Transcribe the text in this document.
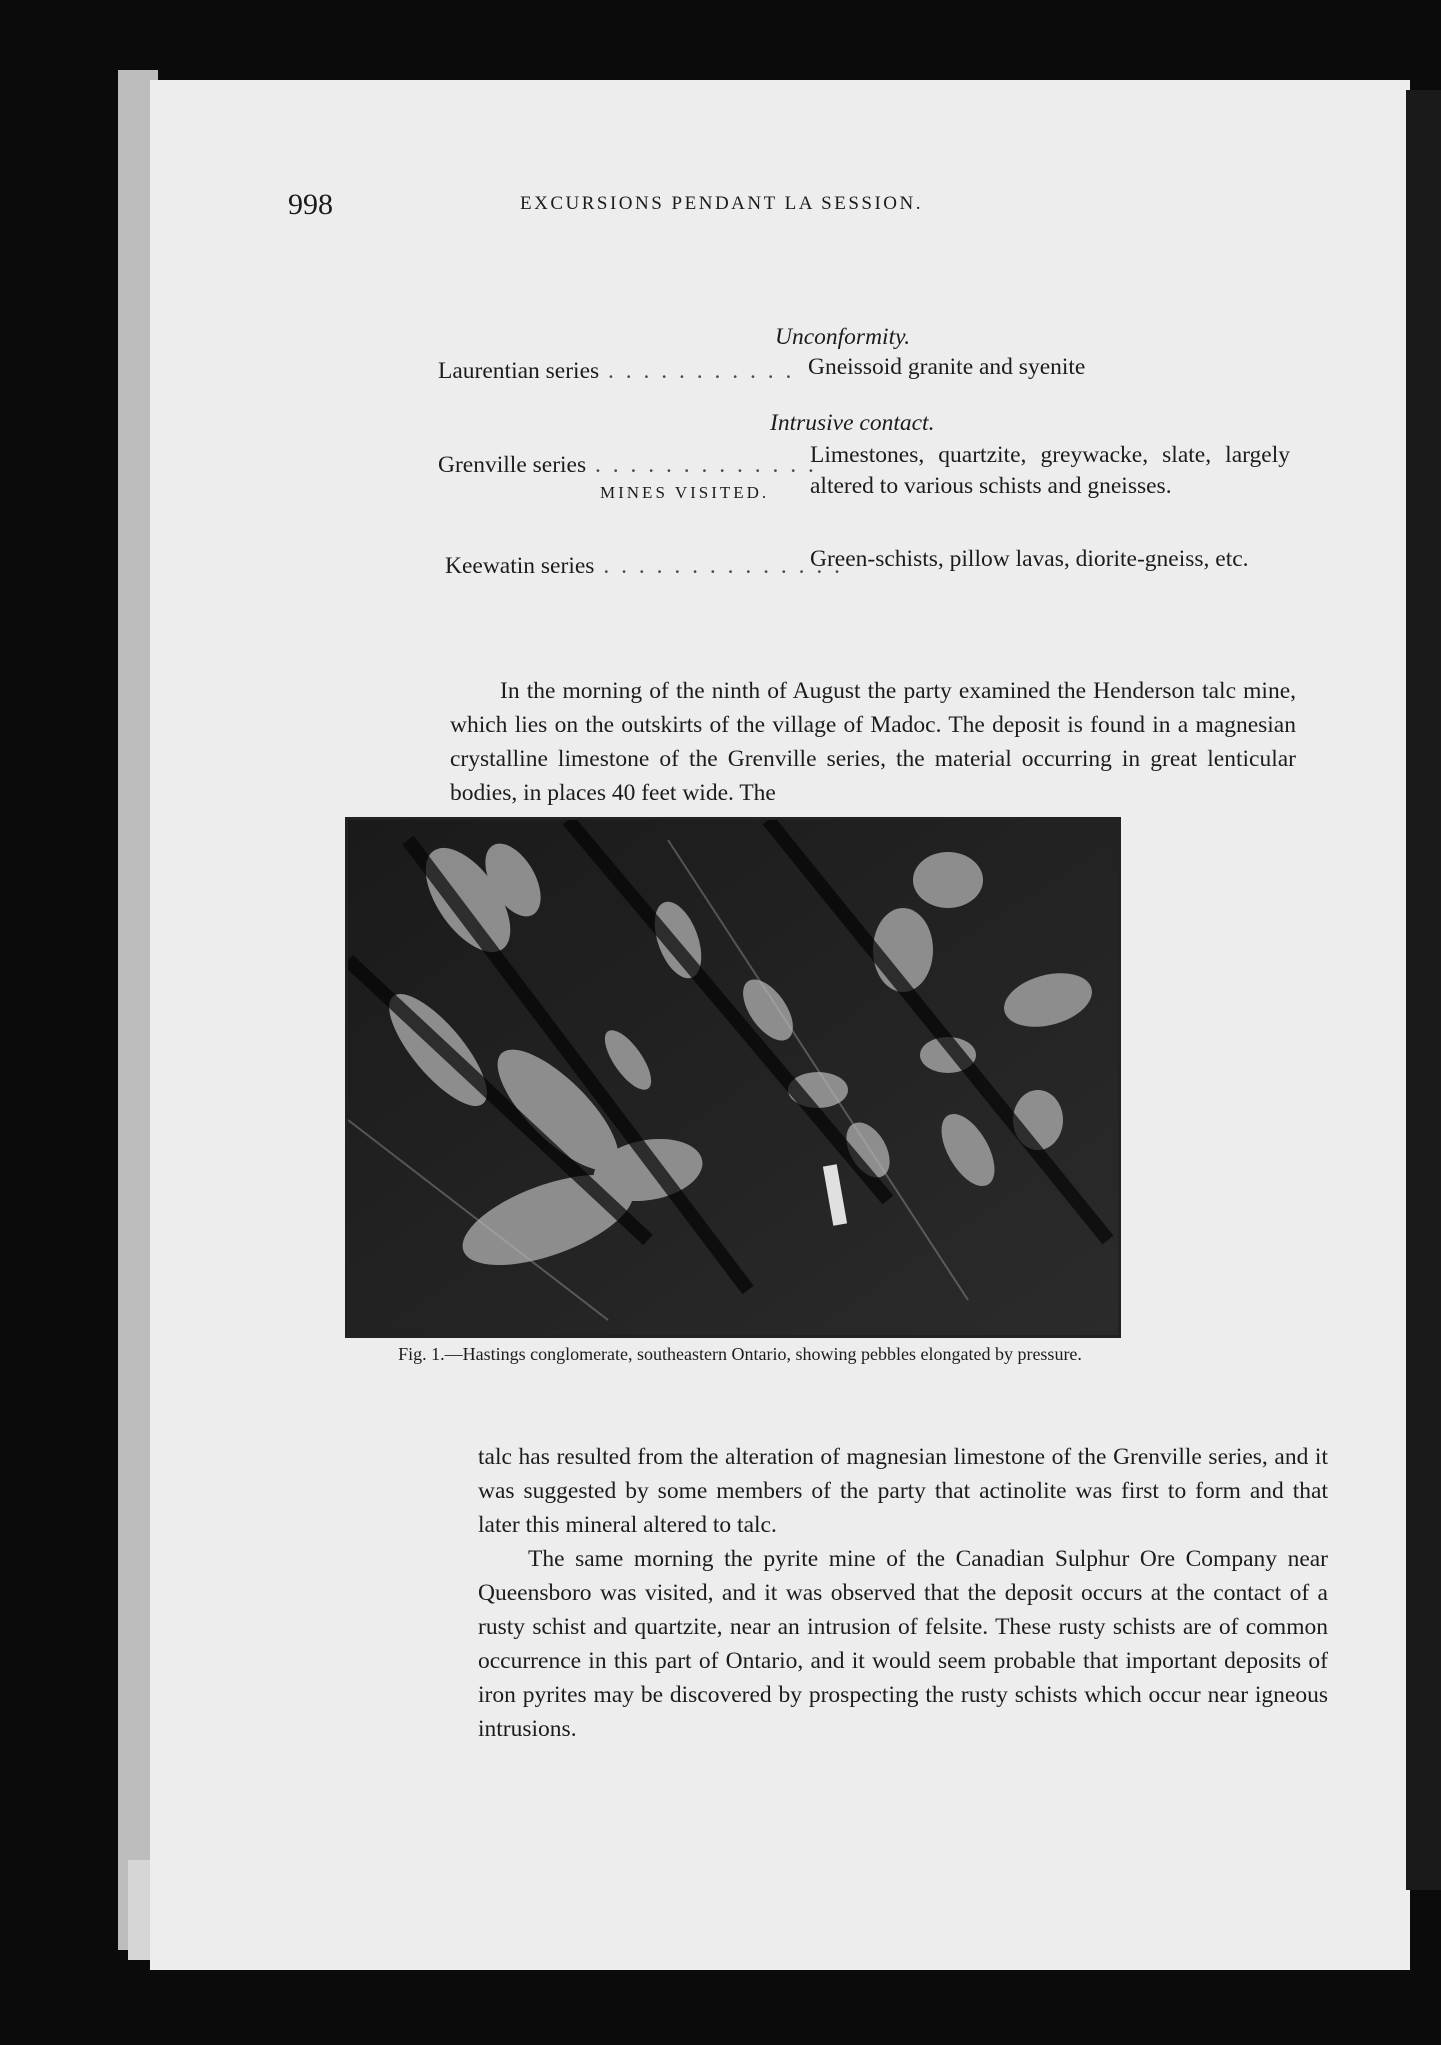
998	EXCURSIONS PENDANT LA SESSION.
Unconformity.
Laurentian series . . . . . . . . . . . Gneissoid granite and syenite
Intrusive contact.
Grenville series . . . . . . . . . . . . .
Limestones, quartzite, greywacke, slate, largely altered to various schists and gneisses.
Keewatin series . . . . . . . . . . . . . .
Green-schists, pillow lavas, diorite-gneiss, etc.
MINES VISITED.
In the morning of the ninth of August the party examined the Henderson talc mine, which lies on the outskirts of the village of Madoc. The deposit is found in a magnesian crystalline limestone of the Grenville series, the material occurring in great lenticular bodies, in places 40 feet wide. The
Fig. 1.—Hastings conglomerate, southeastern Ontario, showing pebbles elongated by pressure.
talc has resulted from the alteration of magnesian limestone of the Grenville series, and it was suggested by some members of the party that actinolite was first to form and that later this mineral altered to talc.
The same morning the pyrite mine of the Canadian Sulphur Ore Company near Queensboro was visited, and it was observed that the deposit occurs at the contact of a rusty schist and quartzite, near an intrusion of felsite. These rusty schists are of common occurrence in this part of Ontario, and it would seem probable that important deposits of iron pyrites may be discovered by prospecting the rusty schists which occur near igneous intrusions.
